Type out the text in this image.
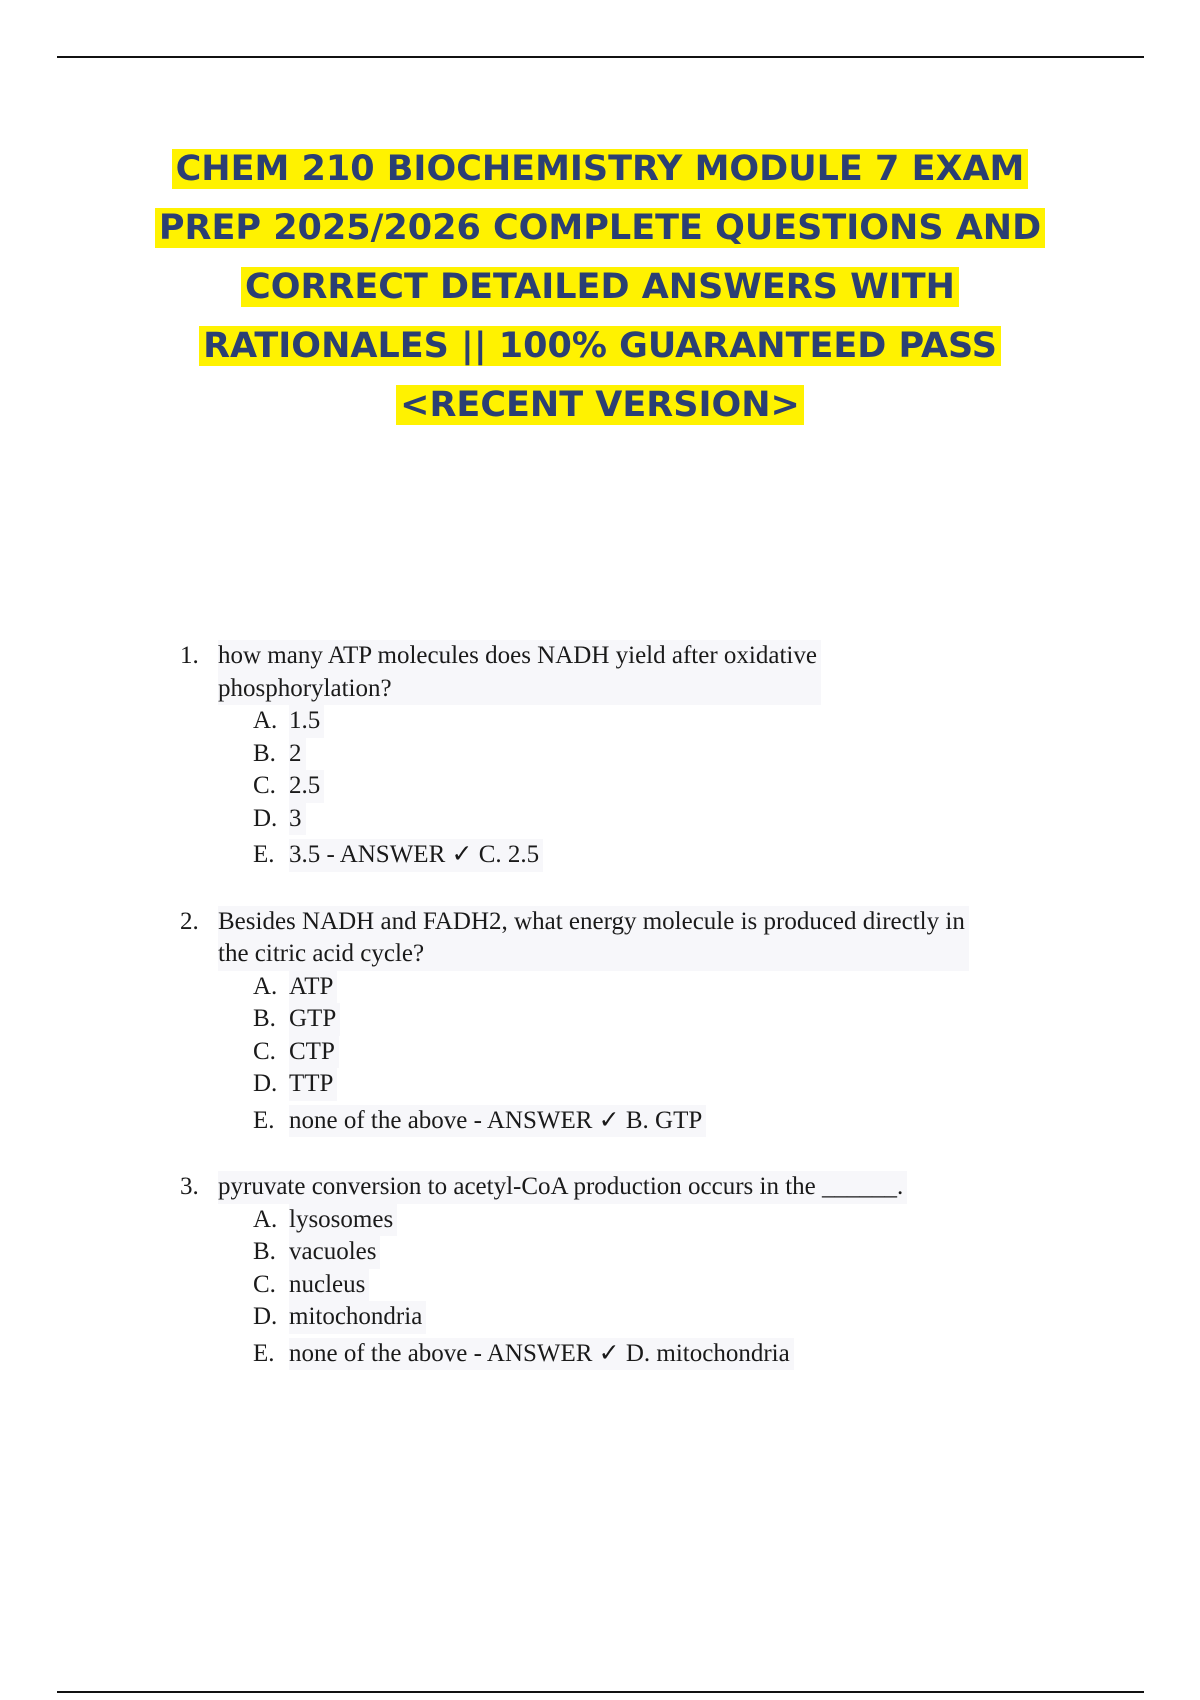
CHEM 210 BIOCHEMISTRY MODULE 7 EXAM
PREP 2025/2026 COMPLETE QUESTIONS AND
CORRECT DETAILED ANSWERS WITH
RATIONALES || 100% GUARANTEED PASS
<RECENT VERSION>
1. how many ATP molecules does NADH yield after oxidative
phosphorylation?
A. 1.5
B. 2
C. 2.5
D. 3
E. 3.5 - ANSWER ✓ C. 2.5
2. Besides NADH and FADH2, what energy molecule is produced directly in
the citric acid cycle?
A. ATP
B. GTP
C. CTP
D. TTP
E. none of the above - ANSWER ✓ B. GTP
3. pyruvate conversion to acetyl-CoA production occurs in the ______.
A. lysosomes
B. vacuoles
C. nucleus
D. mitochondria
E. none of the above - ANSWER ✓ D. mitochondria
